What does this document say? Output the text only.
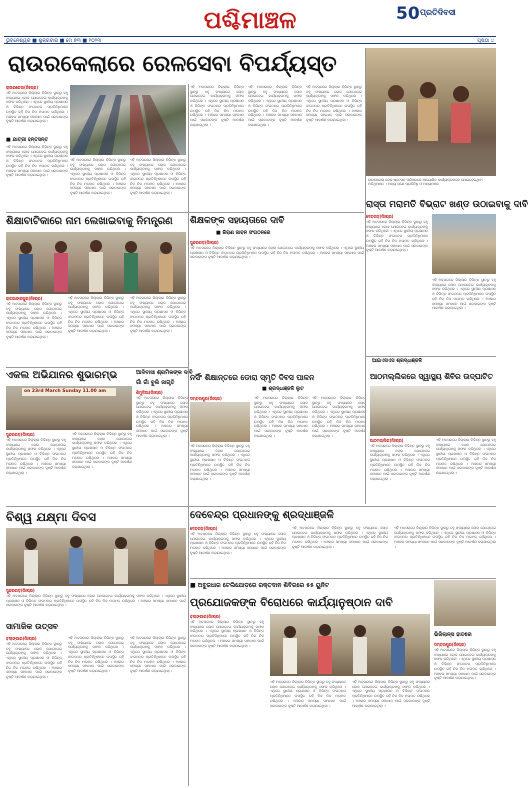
ପଶ୍ଚିମାଞ୍ଚଳ	50 ପ୍ରତିଦିବସୀ
ଭୁବନେଶ୍ୱର ■ ଶୁକ୍ରବାର ■ ମେ ୭୩ ■ ୨୦୨୩	ପୃଷ୍ଠା ୪
ରାଉରକେଲାରେ ରେଳସେବା ବିପର୍ଯ୍ୟସ୍ତ
ରାଉରକେଲା(ନିଃପ୍ର)
ଏହି ଅବସରରେ ଜିଲ୍ଲାର ବିଭିନ୍ନ ସ୍ଥାନରୁ ବହୁ ସଂଖ୍ୟାରେ ଲୋକ ଯୋଗଦେଇ କାର୍ଯ୍ୟକ୍ରମକୁ ସଫଳ କରିଥିଲେ । ଏଥିରେ ସ୍ଥାନୀୟ ପ୍ରଶାସନ ଓ ବିଭିନ୍ନ ସଂଗଠନର ପ୍ରତିନିଧିମାନେ ଉପସ୍ଥିତ ରହି ନିଜ ନିଜ ମତାମତ ରଖିଥିଲେ । ଅଞ୍ଚଳର ସମସ୍ୟା ସମାଧାନ ପାଇଁ ସରକାରଙ୍କ ଦୃଷ୍ଟି ଆକର୍ଷଣ କରାଯାଇଥିଲା ।
■ ଯାତ୍ରୀ ହନ୍ତସନ୍ତ
ଏହି ଅବସରରେ ଜିଲ୍ଲାର ବିଭିନ୍ନ ସ୍ଥାନରୁ ବହୁ ସଂଖ୍ୟାରେ ଲୋକ ଯୋଗଦେଇ କାର୍ଯ୍ୟକ୍ରମକୁ ସଫଳ କରିଥିଲେ । ଏଥିରେ ସ୍ଥାନୀୟ ପ୍ରଶାସନ ଓ ବିଭିନ୍ନ ସଂଗଠନର ପ୍ରତିନିଧିମାନେ ଉପସ୍ଥିତ ରହି ନିଜ ନିଜ ମତାମତ ରଖିଥିଲେ । ଅଞ୍ଚଳର ସମସ୍ୟା ସମାଧାନ ପାଇଁ ସରକାରଙ୍କ ଦୃଷ୍ଟି ଆକର୍ଷଣ କରାଯାଇଥିଲା ।
ଏହି ଅବସରରେ ଜିଲ୍ଲାର ବିଭିନ୍ନ ସ୍ଥାନରୁ ବହୁ ସଂଖ୍ୟାରେ ଲୋକ ଯୋଗଦେଇ କାର୍ଯ୍ୟକ୍ରମକୁ ସଫଳ କରିଥିଲେ । ଏଥିରେ ସ୍ଥାନୀୟ ପ୍ରଶାସନ ଓ ବିଭିନ୍ନ ସଂଗଠନର ପ୍ରତିନିଧିମାନେ ଉପସ୍ଥିତ ରହି ନିଜ ନିଜ ମତାମତ ରଖିଥିଲେ । ଅଞ୍ଚଳର ସମସ୍ୟା ସମାଧାନ ପାଇଁ ସରକାରଙ୍କ ଦୃଷ୍ଟି ଆକର୍ଷଣ କରାଯାଇଥିଲା ।
ଏହି ଅବସରରେ ଜିଲ୍ଲାର ବିଭିନ୍ନ ସ୍ଥାନରୁ ବହୁ ସଂଖ୍ୟାରେ ଲୋକ ଯୋଗଦେଇ କାର୍ଯ୍ୟକ୍ରମକୁ ସଫଳ କରିଥିଲେ । ଏଥିରେ ସ୍ଥାନୀୟ ପ୍ରଶାସନ ଓ ବିଭିନ୍ନ ସଂଗଠନର ପ୍ରତିନିଧିମାନେ ଉପସ୍ଥିତ ରହି ନିଜ ନିଜ ମତାମତ ରଖିଥିଲେ । ଅଞ୍ଚଳର ସମସ୍ୟା ସମାଧାନ ପାଇଁ ସରକାରଙ୍କ ଦୃଷ୍ଟି ଆକର୍ଷଣ କରାଯାଇଥିଲା ।
ଏହି ଅବସରରେ ଜିଲ୍ଲାର ବିଭିନ୍ନ ସ୍ଥାନରୁ ବହୁ ସଂଖ୍ୟାରେ ଲୋକ ଯୋଗଦେଇ କାର୍ଯ୍ୟକ୍ରମକୁ ସଫଳ କରିଥିଲେ । ଏଥିରେ ସ୍ଥାନୀୟ ପ୍ରଶାସନ ଓ ବିଭିନ୍ନ ସଂଗଠନର ପ୍ରତିନିଧିମାନେ ଉପସ୍ଥିତ ରହି ନିଜ ନିଜ ମତାମତ ରଖିଥିଲେ । ଅଞ୍ଚଳର ସମସ୍ୟା ସମାଧାନ ପାଇଁ ସରକାରଙ୍କ ଦୃଷ୍ଟି ଆକର୍ଷଣ କରାଯାଇଥିଲା ।
ଏହି ଅବସରରେ ଜିଲ୍ଲାର ବିଭିନ୍ନ ସ୍ଥାନରୁ ବହୁ ସଂଖ୍ୟାରେ ଲୋକ ଯୋଗଦେଇ କାର୍ଯ୍ୟକ୍ରମକୁ ସଫଳ କରିଥିଲେ । ଏଥିରେ ସ୍ଥାନୀୟ ପ୍ରଶାସନ ଓ ବିଭିନ୍ନ ସଂଗଠନର ପ୍ରତିନିଧିମାନେ ଉପସ୍ଥିତ ରହି ନିଜ ନିଜ ମତାମତ ରଖିଥିଲେ । ଅଞ୍ଚଳର ସମସ୍ୟା ସମାଧାନ ପାଇଁ ସରକାରଙ୍କ ଦୃଷ୍ଟି ଆକର୍ଷଣ କରାଯାଇଥିଲା ।
ଏହି ଅବସରରେ ଜିଲ୍ଲାର ବିଭିନ୍ନ ସ୍ଥାନରୁ ବହୁ ସଂଖ୍ୟାରେ ଲୋକ ଯୋଗଦେଇ କାର୍ଯ୍ୟକ୍ରମକୁ ସଫଳ କରିଥିଲେ । ଏଥିରେ ସ୍ଥାନୀୟ ପ୍ରଶାସନ ଓ ବିଭିନ୍ନ ସଂଗଠନର ପ୍ରତିନିଧିମାନେ ଉପସ୍ଥିତ ରହି ନିଜ ନିଜ ମତାମତ ରଖିଥିଲେ । ଅଞ୍ଚଳର ସମସ୍ୟା ସମାଧାନ ପାଇଁ ସରକାରଙ୍କ ଦୃଷ୍ଟି ଆକର୍ଷଣ କରାଯାଇଥିଲା ।
ରାଉରକେଲା ରେଳ ଷ୍ଟେସନ ପରିସରରେ ଆୟୋଜିତ କାର୍ଯ୍ୟକ୍ରମରେ ଯୋଗଦେଇଥିବା ଅତିଥିମାନେ । ଅନ୍ୟ ଜଣେ ପ୍ରତିନିଧି ଓ ଅନ୍ୟମାନେ
ରାସ୍ତା ମରାମତି ବିଭ୍ରାଟ ଖଣ୍ଡ ଉଠାଇବାକୁ ଦାବି
ଦେବଗଡ଼(ନିଃପ୍ର)
ଏହି ଅବସରରେ ଜିଲ୍ଲାର ବିଭିନ୍ନ ସ୍ଥାନରୁ ବହୁ ସଂଖ୍ୟାରେ ଲୋକ ଯୋଗଦେଇ କାର୍ଯ୍ୟକ୍ରମକୁ ସଫଳ କରିଥିଲେ । ଏଥିରେ ସ୍ଥାନୀୟ ପ୍ରଶାସନ ଓ ବିଭିନ୍ନ ସଂଗଠନର ପ୍ରତିନିଧିମାନେ ଉପସ୍ଥିତ ରହି ନିଜ ନିଜ ମତାମତ ରଖିଥିଲେ । ଅଞ୍ଚଳର ସମସ୍ୟା ସମାଧାନ ପାଇଁ ସରକାରଙ୍କ ଦୃଷ୍ଟି ଆକର୍ଷଣ କରାଯାଇଥିଲା ।
ଏହି ଅବସରରେ ଜିଲ୍ଲାର ବିଭିନ୍ନ ସ୍ଥାନରୁ ବହୁ ସଂଖ୍ୟାରେ ଲୋକ ଯୋଗଦେଇ କାର୍ଯ୍ୟକ୍ରମକୁ ସଫଳ କରିଥିଲେ । ଏଥିରେ ସ୍ଥାନୀୟ ପ୍ରଶାସନ ଓ ବିଭିନ୍ନ ସଂଗଠନର ପ୍ରତିନିଧିମାନେ ଉପସ୍ଥିତ ରହି ନିଜ ନିଜ ମତାମତ ରଖିଥିଲେ । ଅଞ୍ଚଳର ସମସ୍ୟା ସମାଧାନ ପାଇଁ ସରକାରଙ୍କ ଦୃଷ୍ଟି ଆକର୍ଷଣ କରାଯାଇଥିଲା ।
ଶିକ୍ଷାବାଟିକାରେ ନାମ ଲେଖାଇବାକୁ ନିମନ୍ତ୍ରଣ
ରାଜଗାଙ୍ଗପୁର(ନିଃପ୍ର)
ଏହି ଅବସରରେ ଜିଲ୍ଲାର ବିଭିନ୍ନ ସ୍ଥାନରୁ ବହୁ ସଂଖ୍ୟାରେ ଲୋକ ଯୋଗଦେଇ କାର୍ଯ୍ୟକ୍ରମକୁ ସଫଳ କରିଥିଲେ । ଏଥିରେ ସ୍ଥାନୀୟ ପ୍ରଶାସନ ଓ ବିଭିନ୍ନ ସଂଗଠନର ପ୍ରତିନିଧିମାନେ ଉପସ୍ଥିତ ରହି ନିଜ ନିଜ ମତାମତ ରଖିଥିଲେ । ଅଞ୍ଚଳର ସମସ୍ୟା ସମାଧାନ ପାଇଁ ସରକାରଙ୍କ ଦୃଷ୍ଟି ଆକର୍ଷଣ କରାଯାଇଥିଲା ।
ଏହି ଅବସରରେ ଜିଲ୍ଲାର ବିଭିନ୍ନ ସ୍ଥାନରୁ ବହୁ ସଂଖ୍ୟାରେ ଲୋକ ଯୋଗଦେଇ କାର୍ଯ୍ୟକ୍ରମକୁ ସଫଳ କରିଥିଲେ । ଏଥିରେ ସ୍ଥାନୀୟ ପ୍ରଶାସନ ଓ ବିଭିନ୍ନ ସଂଗଠନର ପ୍ରତିନିଧିମାନେ ଉପସ୍ଥିତ ରହି ନିଜ ନିଜ ମତାମତ ରଖିଥିଲେ । ଅଞ୍ଚଳର ସମସ୍ୟା ସମାଧାନ ପାଇଁ ସରକାରଙ୍କ ଦୃଷ୍ଟି ଆକର୍ଷଣ କରାଯାଇଥିଲା ।
ଏହି ଅବସରରେ ଜିଲ୍ଲାର ବିଭିନ୍ନ ସ୍ଥାନରୁ ବହୁ ସଂଖ୍ୟାରେ ଲୋକ ଯୋଗଦେଇ କାର୍ଯ୍ୟକ୍ରମକୁ ସଫଳ କରିଥିଲେ । ଏଥିରେ ସ୍ଥାନୀୟ ପ୍ରଶାସନ ଓ ବିଭିନ୍ନ ସଂଗଠନର ପ୍ରତିନିଧିମାନେ ଉପସ୍ଥିତ ରହି ନିଜ ନିଜ ମତାମତ ରଖିଥିଲେ । ଅଞ୍ଚଳର ସମସ୍ୟା ସମାଧାନ ପାଇଁ ସରକାରଙ୍କ ଦୃଷ୍ଟି ଆକର୍ଷଣ କରାଯାଇଥିଲା ।
ଶିକ୍ଷକଙ୍କ ସହାୟତାରେ ଦାବି
■ କିରାଣ ଜାବନ ସଂଗଠନରେ
ସୁନ୍ଦରଗଡ଼(ନିଃପ୍ର)
ଏହି ଅବସରରେ ଜିଲ୍ଲାର ବିଭିନ୍ନ ସ୍ଥାନରୁ ବହୁ ସଂଖ୍ୟାରେ ଲୋକ ଯୋଗଦେଇ କାର୍ଯ୍ୟକ୍ରମକୁ ସଫଳ କରିଥିଲେ । ଏଥିରେ ସ୍ଥାନୀୟ ପ୍ରଶାସନ ଓ ବିଭିନ୍ନ ସଂଗଠନର ପ୍ରତିନିଧିମାନେ ଉପସ୍ଥିତ ରହି ନିଜ ନିଜ ମତାମତ ରଖିଥିଲେ । ଅଞ୍ଚଳର ସମସ୍ୟା ସମାଧାନ ପାଇଁ ସରକାରଙ୍କ ଦୃଷ୍ଟି ଆକର୍ଷଣ କରାଯାଇଥିଲା ।
ନର୍ସିଂ ଶିକ୍ଷାନ୍ତରେ ଡୋରା ସ୍ମୃତି ଦିବସ ପାଳନ
■ ଶ୍ରଦ୍ଧାଞ୍ଜଳି ଲୁଟ
ସମ୍ବଲପୁର(ନିଃପ୍ର)
ଏହି ଅବସରରେ ଜିଲ୍ଲାର ବିଭିନ୍ନ ସ୍ଥାନରୁ ବହୁ ସଂଖ୍ୟାରେ ଲୋକ ଯୋଗଦେଇ କାର୍ଯ୍ୟକ୍ରମକୁ ସଫଳ କରିଥିଲେ । ଏଥିରେ ସ୍ଥାନୀୟ ପ୍ରଶାସନ ଓ ବିଭିନ୍ନ ସଂଗଠନର ପ୍ରତିନିଧିମାନେ ଉପସ୍ଥିତ ରହି ନିଜ ନିଜ ମତାମତ ରଖିଥିଲେ । ଅଞ୍ଚଳର ସମସ୍ୟା ସମାଧାନ ପାଇଁ ସରକାରଙ୍କ ଦୃଷ୍ଟି ଆକର୍ଷଣ କରାଯାଇଥିଲା ।
ଏହି ଅବସରରେ ଜିଲ୍ଲାର ବିଭିନ୍ନ ସ୍ଥାନରୁ ବହୁ ସଂଖ୍ୟାରେ ଲୋକ ଯୋଗଦେଇ କାର୍ଯ୍ୟକ୍ରମକୁ ସଫଳ କରିଥିଲେ । ଏଥିରେ ସ୍ଥାନୀୟ ପ୍ରଶାସନ ଓ ବିଭିନ୍ନ ସଂଗଠନର ପ୍ରତିନିଧିମାନେ ଉପସ୍ଥିତ ରହି ନିଜ ନିଜ ମତାମତ ରଖିଥିଲେ । ଅଞ୍ଚଳର ସମସ୍ୟା ସମାଧାନ ପାଇଁ ସରକାରଙ୍କ ଦୃଷ୍ଟି ଆକର୍ଷଣ କରାଯାଇଥିଲା ।
ଏହି ଅବସରରେ ଜିଲ୍ଲାର ବିଭିନ୍ନ ସ୍ଥାନରୁ ବହୁ ସଂଖ୍ୟାରେ ଲୋକ ଯୋଗଦେଇ କାର୍ଯ୍ୟକ୍ରମକୁ ସଫଳ କରିଥିଲେ । ଏଥିରେ ସ୍ଥାନୀୟ ପ୍ରଶାସନ ଓ ବିଭିନ୍ନ ସଂଗଠନର ପ୍ରତିନିଧିମାନେ ଉପସ୍ଥିତ ରହି ନିଜ ନିଜ ମତାମତ ରଖିଥିଲେ । ଅଞ୍ଚଳର ସମସ୍ୟା ସମାଧାନ ପାଇଁ ସରକାରଙ୍କ ଦୃଷ୍ଟି ଆକର୍ଷଣ କରାଯାଇଥିଲା ।
ଆଇଏସଏସ ଶ୍ରଦ୍ଧାଞ୍ଜଳି
ଆଠମଲ୍ଲିକରେ ସ୍ୱାସ୍ଥ୍ୟ ଶିବିର ଉଦ୍‌ଘାଟିତ
ଆଠମଲ୍ଲିକ(ନିଃପ୍ର)
ଏହି ଅବସରରେ ଜିଲ୍ଲାର ବିଭିନ୍ନ ସ୍ଥାନରୁ ବହୁ ସଂଖ୍ୟାରେ ଲୋକ ଯୋଗଦେଇ କାର୍ଯ୍ୟକ୍ରମକୁ ସଫଳ କରିଥିଲେ । ଏଥିରେ ସ୍ଥାନୀୟ ପ୍ରଶାସନ ଓ ବିଭିନ୍ନ ସଂଗଠନର ପ୍ରତିନିଧିମାନେ ଉପସ୍ଥିତ ରହି ନିଜ ନିଜ ମତାମତ ରଖିଥିଲେ । ଅଞ୍ଚଳର ସମସ୍ୟା ସମାଧାନ ପାଇଁ ସରକାରଙ୍କ ଦୃଷ୍ଟି ଆକର୍ଷଣ କରାଯାଇଥିଲା ।
ଏହି ଅବସରରେ ଜିଲ୍ଲାର ବିଭିନ୍ନ ସ୍ଥାନରୁ ବହୁ ସଂଖ୍ୟାରେ ଲୋକ ଯୋଗଦେଇ କାର୍ଯ୍ୟକ୍ରମକୁ ସଫଳ କରିଥିଲେ । ଏଥିରେ ସ୍ଥାନୀୟ ପ୍ରଶାସନ ଓ ବିଭିନ୍ନ ସଂଗଠନର ପ୍ରତିନିଧିମାନେ ଉପସ୍ଥିତ ରହି ନିଜ ନିଜ ମତାମତ ରଖିଥିଲେ । ଅଞ୍ଚଳର ସମସ୍ୟା ସମାଧାନ ପାଇଁ ସରକାରଙ୍କ ଦୃଷ୍ଟି ଆକର୍ଷଣ କରାଯାଇଥିଲା ।
ଏକଲ ଅଭିଯାନର ଶୁଭାରମ୍ଭ
on 23rd March Sunday 11.00 am
ସୁନ୍ଦରଗଡ଼(ନିଃପ୍ର)
ଏହି ଅବସରରେ ଜିଲ୍ଲାର ବିଭିନ୍ନ ସ୍ଥାନରୁ ବହୁ ସଂଖ୍ୟାରେ ଲୋକ ଯୋଗଦେଇ କାର୍ଯ୍ୟକ୍ରମକୁ ସଫଳ କରିଥିଲେ । ଏଥିରେ ସ୍ଥାନୀୟ ପ୍ରଶାସନ ଓ ବିଭିନ୍ନ ସଂଗଠନର ପ୍ରତିନିଧିମାନେ ଉପସ୍ଥିତ ରହି ନିଜ ନିଜ ମତାମତ ରଖିଥିଲେ । ଅଞ୍ଚଳର ସମସ୍ୟା ସମାଧାନ ପାଇଁ ସରକାରଙ୍କ ଦୃଷ୍ଟି ଆକର୍ଷଣ କରାଯାଇଥିଲା ।
ଏହି ଅବସରରେ ଜିଲ୍ଲାର ବିଭିନ୍ନ ସ୍ଥାନରୁ ବହୁ ସଂଖ୍ୟାରେ ଲୋକ ଯୋଗଦେଇ କାର୍ଯ୍ୟକ୍ରମକୁ ସଫଳ କରିଥିଲେ । ଏଥିରେ ସ୍ଥାନୀୟ ପ୍ରଶାସନ ଓ ବିଭିନ୍ନ ସଂଗଠନର ପ୍ରତିନିଧିମାନେ ଉପସ୍ଥିତ ରହି ନିଜ ନିଜ ମତାମତ ରଖିଥିଲେ । ଅଞ୍ଚଳର ସମସ୍ୟା ସମାଧାନ ପାଇଁ ସରକାରଙ୍କ ଦୃଷ୍ଟି ଆକର୍ଷଣ କରାଯାଇଥିଲା ।
ଆଦିବାସୀ ଶ୍ରମିକଙ୍କ ଦାବି
ଗାଁ ଗାଁ ବୁଲି ଜାଗୃତି
ଶିମୁଳିଆ(ନିଃପ୍ର)
ଏହି ଅବସରରେ ଜିଲ୍ଲାର ବିଭିନ୍ନ ସ୍ଥାନରୁ ବହୁ ସଂଖ୍ୟାରେ ଲୋକ ଯୋଗଦେଇ କାର୍ଯ୍ୟକ୍ରମକୁ ସଫଳ କରିଥିଲେ । ଏଥିରେ ସ୍ଥାନୀୟ ପ୍ରଶାସନ ଓ ବିଭିନ୍ନ ସଂଗଠନର ପ୍ରତିନିଧିମାନେ ଉପସ୍ଥିତ ରହି ନିଜ ନିଜ ମତାମତ ରଖିଥିଲେ । ଅଞ୍ଚଳର ସମସ୍ୟା ସମାଧାନ ପାଇଁ ସରକାରଙ୍କ ଦୃଷ୍ଟି ଆକର୍ଷଣ କରାଯାଇଥିଲା ।
ଦେବେନ୍ଦ୍ର ପ୍ରଧାନଙ୍କୁ ଶ୍ରଦ୍ଧାଞ୍ଜଳି
ଦେବଗଡ଼(ନିଃପ୍ର)
ଏହି ଅବସରରେ ଜିଲ୍ଲାର ବିଭିନ୍ନ ସ୍ଥାନରୁ ବହୁ ସଂଖ୍ୟାରେ ଲୋକ ଯୋଗଦେଇ କାର୍ଯ୍ୟକ୍ରମକୁ ସଫଳ କରିଥିଲେ । ଏଥିରେ ସ୍ଥାନୀୟ ପ୍ରଶାସନ ଓ ବିଭିନ୍ନ ସଂଗଠନର ପ୍ରତିନିଧିମାନେ ଉପସ୍ଥିତ ରହି ନିଜ ନିଜ ମତାମତ ରଖିଥିଲେ । ଅଞ୍ଚଳର ସମସ୍ୟା ସମାଧାନ ପାଇଁ ସରକାରଙ୍କ ଦୃଷ୍ଟି ଆକର୍ଷଣ କରାଯାଇଥିଲା ।
ଏହି ଅବସରରେ ଜିଲ୍ଲାର ବିଭିନ୍ନ ସ୍ଥାନରୁ ବହୁ ସଂଖ୍ୟାରେ ଲୋକ ଯୋଗଦେଇ କାର୍ଯ୍ୟକ୍ରମକୁ ସଫଳ କରିଥିଲେ । ଏଥିରେ ସ୍ଥାନୀୟ ପ୍ରଶାସନ ଓ ବିଭିନ୍ନ ସଂଗଠନର ପ୍ରତିନିଧିମାନେ ଉପସ୍ଥିତ ରହି ନିଜ ନିଜ ମତାମତ ରଖିଥିଲେ । ଅଞ୍ଚଳର ସମସ୍ୟା ସମାଧାନ ପାଇଁ ସରକାରଙ୍କ ଦୃଷ୍ଟି ଆକର୍ଷଣ କରାଯାଇଥିଲା ।
ଏହି ଅବସରରେ ଜିଲ୍ଲାର ବିଭିନ୍ନ ସ୍ଥାନରୁ ବହୁ ସଂଖ୍ୟାରେ ଲୋକ ଯୋଗଦେଇ କାର୍ଯ୍ୟକ୍ରମକୁ ସଫଳ କରିଥିଲେ । ଏଥିରେ ସ୍ଥାନୀୟ ପ୍ରଶାସନ ଓ ବିଭିନ୍ନ ସଂଗଠନର ପ୍ରତିନିଧିମାନେ ଉପସ୍ଥିତ ରହି ନିଜ ନିଜ ମତାମତ ରଖିଥିଲେ । ଅଞ୍ଚଳର ସମସ୍ୟା ସମାଧାନ ପାଇଁ ସରକାରଙ୍କ ଦୃଷ୍ଟି ଆକର୍ଷଣ କରାଯାଇଥିଲା ।
ବିଶ୍ୱ ଯକ୍ଷ୍ମା ଦିବସ
ସୁନ୍ଦରଗଡ଼(ନିଃପ୍ର)
ଏହି ଅବସରରେ ଜିଲ୍ଲାର ବିଭିନ୍ନ ସ୍ଥାନରୁ ବହୁ ସଂଖ୍ୟାରେ ଲୋକ ଯୋଗଦେଇ କାର୍ଯ୍ୟକ୍ରମକୁ ସଫଳ କରିଥିଲେ । ଏଥିରେ ସ୍ଥାନୀୟ ପ୍ରଶାସନ ଓ ବିଭିନ୍ନ ସଂଗଠନର ପ୍ରତିନିଧିମାନେ ଉପସ୍ଥିତ ରହି ନିଜ ନିଜ ମତାମତ ରଖିଥିଲେ । ଅଞ୍ଚଳର ସମସ୍ୟା ସମାଧାନ ପାଇଁ ସରକାରଙ୍କ ଦୃଷ୍ଟି ଆକର୍ଷଣ କରାଯାଇଥିଲା ।
ସାମାଜିକ ଉତ୍ସବ
ବଲାଙ୍ଗୀର(ନିଃପ୍ର)
ଏହି ଅବସରରେ ଜିଲ୍ଲାର ବିଭିନ୍ନ ସ୍ଥାନରୁ ବହୁ ସଂଖ୍ୟାରେ ଲୋକ ଯୋଗଦେଇ କାର୍ଯ୍ୟକ୍ରମକୁ ସଫଳ କରିଥିଲେ । ଏଥିରେ ସ୍ଥାନୀୟ ପ୍ରଶାସନ ଓ ବିଭିନ୍ନ ସଂଗଠନର ପ୍ରତିନିଧିମାନେ ଉପସ୍ଥିତ ରହି ନିଜ ନିଜ ମତାମତ ରଖିଥିଲେ । ଅଞ୍ଚଳର ସମସ୍ୟା ସମାଧାନ ପାଇଁ ସରକାରଙ୍କ ଦୃଷ୍ଟି ଆକର୍ଷଣ କରାଯାଇଥିଲା ।
ଏହି ଅବସରରେ ଜିଲ୍ଲାର ବିଭିନ୍ନ ସ୍ଥାନରୁ ବହୁ ସଂଖ୍ୟାରେ ଲୋକ ଯୋଗଦେଇ କାର୍ଯ୍ୟକ୍ରମକୁ ସଫଳ କରିଥିଲେ । ଏଥିରେ ସ୍ଥାନୀୟ ପ୍ରଶାସନ ଓ ବିଭିନ୍ନ ସଂଗଠନର ପ୍ରତିନିଧିମାନେ ଉପସ୍ଥିତ ରହି ନିଜ ନିଜ ମତାମତ ରଖିଥିଲେ । ଅଞ୍ଚଳର ସମସ୍ୟା ସମାଧାନ ପାଇଁ ସରକାରଙ୍କ ଦୃଷ୍ଟି ଆକର୍ଷଣ କରାଯାଇଥିଲା ।
ଏହି ଅବସରରେ ଜିଲ୍ଲାର ବିଭିନ୍ନ ସ୍ଥାନରୁ ବହୁ ସଂଖ୍ୟାରେ ଲୋକ ଯୋଗଦେଇ କାର୍ଯ୍ୟକ୍ରମକୁ ସଫଳ କରିଥିଲେ । ଏଥିରେ ସ୍ଥାନୀୟ ପ୍ରଶାସନ ଓ ବିଭିନ୍ନ ସଂଗଠନର ପ୍ରତିନିଧିମାନେ ଉପସ୍ଥିତ ରହି ନିଜ ନିଜ ମତାମତ ରଖିଥିଲେ । ଅଞ୍ଚଳର ସମସ୍ୟା ସମାଧାନ ପାଇଁ ସରକାରଙ୍କ ଦୃଷ୍ଟି ଆକର୍ଷଣ କରାଯାଇଥିଲା ।
■ ଅବୁଜଧାର ଟେଲିଯୋଡ଼ରେ ରକ୍ତଦାନ ଶିବିରରେ ୫୫ ୟୁନିଟ
ପ୍ରଯୋଜକଙ୍କ ବିରୋଧରେ କାର୍ଯ୍ୟାନୁଷ୍ଠାନ ଦାବି
ବଲାଙ୍ଗୀର(ନିଃପ୍ର)
ଏହି ଅବସରରେ ଜିଲ୍ଲାର ବିଭିନ୍ନ ସ୍ଥାନରୁ ବହୁ ସଂଖ୍ୟାରେ ଲୋକ ଯୋଗଦେଇ କାର୍ଯ୍ୟକ୍ରମକୁ ସଫଳ କରିଥିଲେ । ଏଥିରେ ସ୍ଥାନୀୟ ପ୍ରଶାସନ ଓ ବିଭିନ୍ନ ସଂଗଠନର ପ୍ରତିନିଧିମାନେ ଉପସ୍ଥିତ ରହି ନିଜ ନିଜ ମତାମତ ରଖିଥିଲେ । ଅଞ୍ଚଳର ସମସ୍ୟା ସମାଧାନ ପାଇଁ ସରକାରଙ୍କ ଦୃଷ୍ଟି ଆକର୍ଷଣ କରାଯାଇଥିଲା ।
ଏହି ଅବସରରେ ଜିଲ୍ଲାର ବିଭିନ୍ନ ସ୍ଥାନରୁ ବହୁ ସଂଖ୍ୟାରେ ଲୋକ ଯୋଗଦେଇ କାର୍ଯ୍ୟକ୍ରମକୁ ସଫଳ କରିଥିଲେ । ଏଥିରେ ସ୍ଥାନୀୟ ପ୍ରଶାସନ ଓ ବିଭିନ୍ନ ସଂଗଠନର ପ୍ରତିନିଧିମାନେ ଉପସ୍ଥିତ ରହି ନିଜ ନିଜ ମତାମତ ରଖିଥିଲେ । ଅଞ୍ଚଳର ସମସ୍ୟା ସମାଧାନ ପାଇଁ ସରକାରଙ୍କ ଦୃଷ୍ଟି ଆକର୍ଷଣ କରାଯାଇଥିଲା ।
ଏହି ଅବସରରେ ଜିଲ୍ଲାର ବିଭିନ୍ନ ସ୍ଥାନରୁ ବହୁ ସଂଖ୍ୟାରେ ଲୋକ ଯୋଗଦେଇ କାର୍ଯ୍ୟକ୍ରମକୁ ସଫଳ କରିଥିଲେ । ଏଥିରେ ସ୍ଥାନୀୟ ପ୍ରଶାସନ ଓ ବିଭିନ୍ନ ସଂଗଠନର ପ୍ରତିନିଧିମାନେ ଉପସ୍ଥିତ ରହି ନିଜ ନିଜ ମତାମତ ରଖିଥିଲେ । ଅଞ୍ଚଳର ସମସ୍ୟା ସମାଧାନ ପାଇଁ ସରକାରଙ୍କ ଦୃଷ୍ଟି ଆକର୍ଷଣ କରାଯାଇଥିଲା ।
ଭିଜିଲାନ୍ସ ହାତରେ
ସମ୍ବଲପୁର(ନିଃପ୍ର)
ଏହି ଅବସରରେ ଜିଲ୍ଲାର ବିଭିନ୍ନ ସ୍ଥାନରୁ ବହୁ ସଂଖ୍ୟାରେ ଲୋକ ଯୋଗଦେଇ କାର୍ଯ୍ୟକ୍ରମକୁ ସଫଳ କରିଥିଲେ । ଏଥିରେ ସ୍ଥାନୀୟ ପ୍ରଶାସନ ଓ ବିଭିନ୍ନ ସଂଗଠନର ପ୍ରତିନିଧିମାନେ ଉପସ୍ଥିତ ରହି ନିଜ ନିଜ ମତାମତ ରଖିଥିଲେ । ଅଞ୍ଚଳର ସମସ୍ୟା ସମାଧାନ ପାଇଁ ସରକାରଙ୍କ ଦୃଷ୍ଟି ଆକର୍ଷଣ କରାଯାଇଥିଲା ।
